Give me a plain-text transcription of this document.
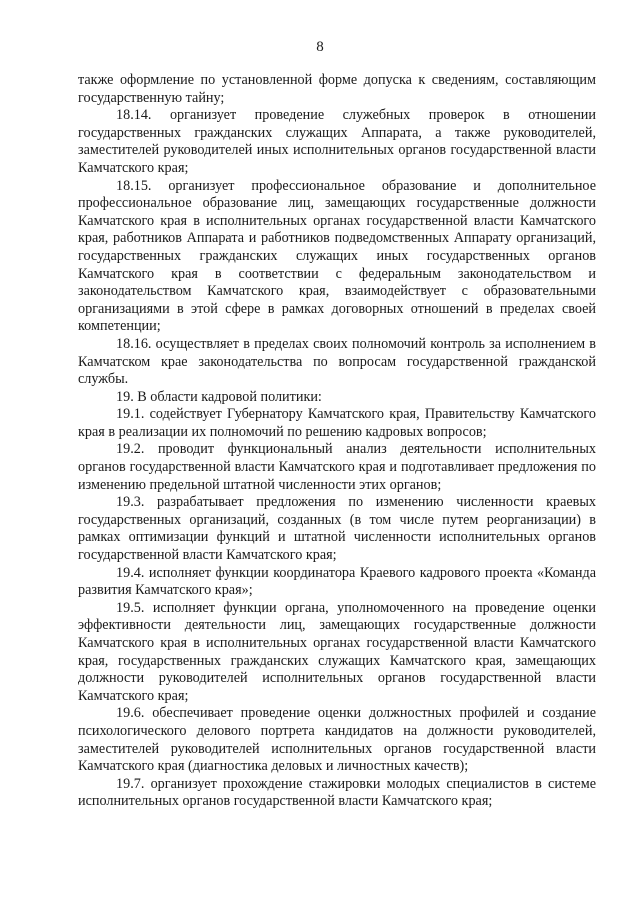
8

также оформление по установленной форме допуска к сведениям, составляющим государственную тайну;

18.14. организует проведение служебных проверок в отношении государственных гражданских служащих Аппарата, а также руководителей, заместителей руководителей иных исполнительных органов государственной власти Камчатского края;

18.15. организует профессиональное образование и дополнительное профессиональное образование лиц, замещающих государственные должности Камчатского края в исполнительных органах государственной власти Камчатского края, работников Аппарата и работников подведомственных Аппарату организаций, государственных гражданских служащих иных государственных органов Камчатского края в соответствии с федеральным законодательством и законодательством Камчатского края, взаимодействует с образовательными организациями в этой сфере в рамках договорных отношений в пределах своей компетенции;

18.16. осуществляет в пределах своих полномочий контроль за исполнением в Камчатском крае законодательства по вопросам государственной гражданской службы.

19. В области кадровой политики:

19.1. содействует Губернатору Камчатского края, Правительству Камчатского края в реализации их полномочий по решению кадровых вопросов;

19.2. проводит функциональный анализ деятельности исполнительных органов государственной власти Камчатского края и подготавливает предложения по изменению предельной штатной численности этих органов;

19.3. разрабатывает предложения по изменению численности краевых государственных организаций, созданных (в том числе путем реорганизации) в рамках оптимизации функций и штатной численности исполнительных органов государственной власти Камчатского края;

19.4. исполняет функции координатора Краевого кадрового проекта «Команда развития Камчатского края»;

19.5. исполняет функции органа, уполномоченного на проведение оценки эффективности деятельности лиц, замещающих государственные должности Камчатского края в исполнительных органах государственной власти Камчатского края, государственных гражданских служащих Камчатского края, замещающих должности руководителей исполнительных органов государственной власти Камчатского края;

19.6. обеспечивает проведение оценки должностных профилей и создание психологического делового портрета кандидатов на должности руководителей, заместителей руководителей исполнительных органов государственной власти Камчатского края (диагностика деловых и личностных качеств);

19.7. организует прохождение стажировки молодых специалистов в системе исполнительных органов государственной власти Камчатского края;
